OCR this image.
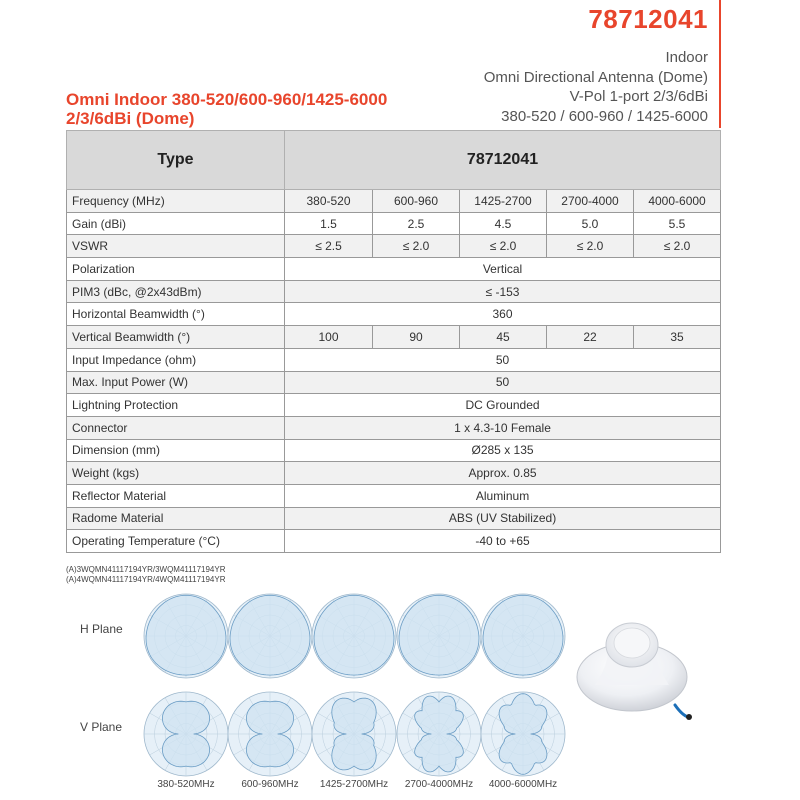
78712041
Indoor
Omni Directional Antenna (Dome)
V-Pol 1-port 2/3/6dBi
380-520 / 600-960 / 1425-6000
Omni Indoor 380-520/600-960/1425-6000
2/3/6dBi (Dome)
Type	78712041				
Frequency (MHz)	380-520	600-960	1425-2700	2700-4000	4000-6000
Gain (dBi)	1.5	2.5	4.5	5.0	5.5
VSWR	≤ 2.5	≤ 2.0	≤ 2.0	≤ 2.0	≤ 2.0
Polarization	Vertical				
PIM3 (dBc, @2x43dBm)	≤ -153				
Horizontal Beamwidth (°)	360				
Vertical Beamwidth (°)	100	90	45	22	35
Input Impedance (ohm)	50				
Max. Input Power (W)	50				
Lightning Protection	DC Grounded				
Connector	1 x 4.3-10 Female				
Dimension (mm)	Ø285 x 135				
Weight (kgs)	Approx. 0.85				
Reflector Material	Aluminum				
Radome Material	ABS (UV Stabilized)				
Operating Temperature (°C)	-40 to +65				
(A)3WQMN41117194YR/3WQM41117194YR
(A)4WQMN41117194YR/4WQM41117194YR
H Plane
V Plane
380-520MHz	600-960MHz	1425-2700MHz	2700-4000MHz	4000-6000MHz
